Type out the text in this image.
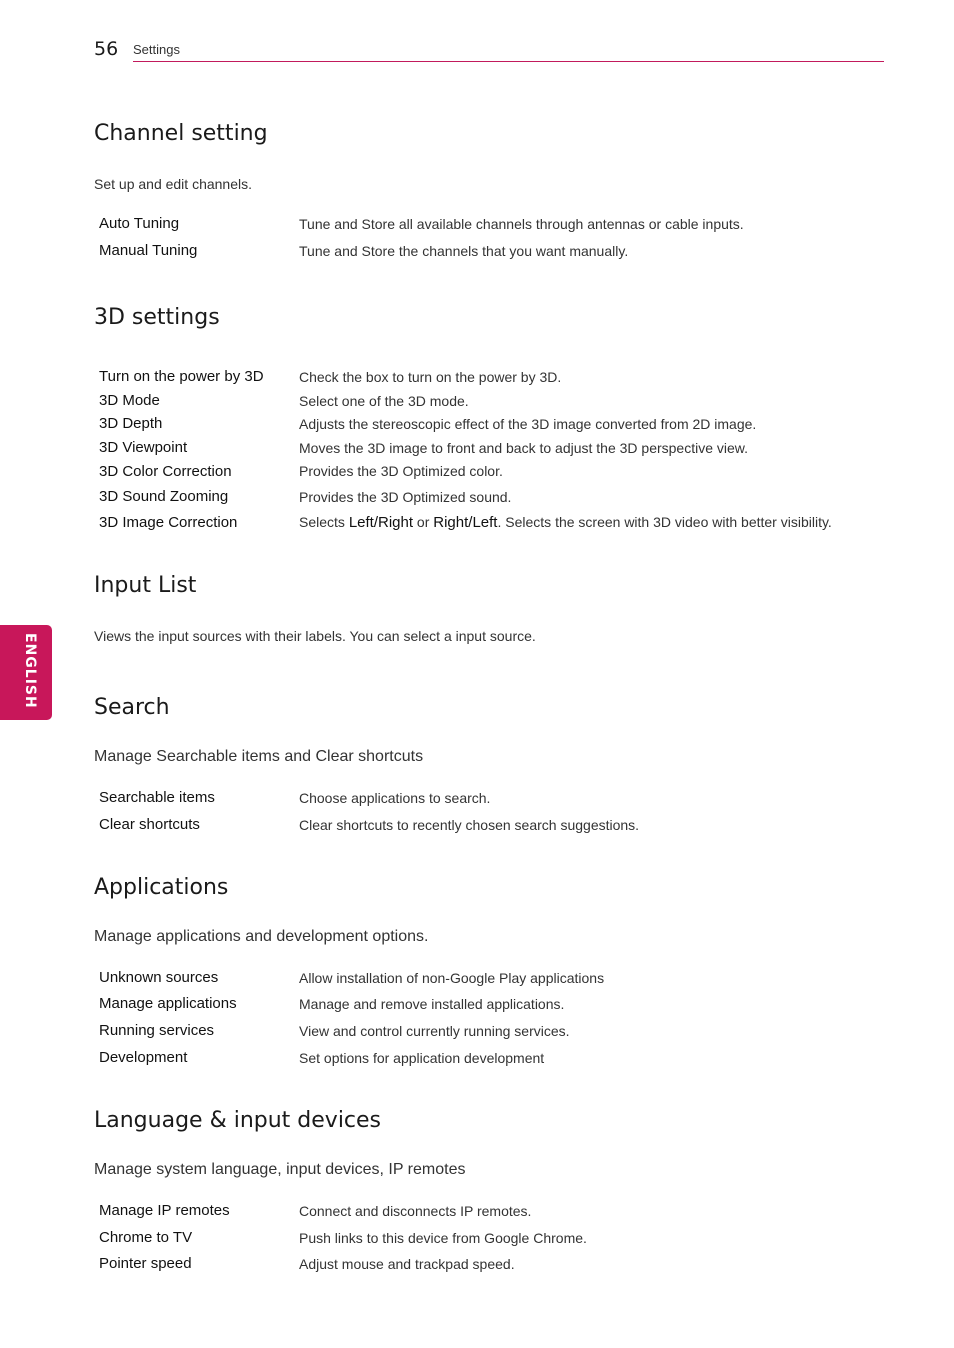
56 Settings
ENGLISH
Channel setting

Set up and edit channels.

Auto Tuning	Tune and Store all available channels through antennas or cable inputs.
Manual Tuning	Tune and Store the channels that you want manually.
3D settings
Turn on the power by 3D	Check the box to turn on the power by 3D.
3D Mode	Select one of the 3D mode.
3D Depth	Adjusts the stereoscopic effect of the 3D image converted from 2D image.
3D Viewpoint	Moves the 3D image to front and back to adjust the 3D perspective view.
3D Color Correction	Provides the 3D Optimized color.
3D Sound Zooming	Provides the 3D Optimized sound.
3D Image Correction	Selects Left/Right or Right/Left. Selects the screen with 3D video with better visibility.
Input List

Views the input sources with their labels. You can select a input source.

Search

Manage Searchable items and Clear shortcuts

Searchable items	Choose applications to search.
Clear shortcuts	Clear shortcuts to recently chosen search suggestions.
Applications

Manage applications and development options.

Unknown sources	Allow installation of non-Google Play applications
Manage applications	Manage and remove installed applications.
Running services	View and control currently running services.
Development	Set options for application development
Language & input devices

Manage system language, input devices, IP remotes

Manage IP remotes	Connect and disconnects IP remotes.
Chrome to TV	Push links to this device from Google Chrome.
Pointer speed	Adjust mouse and trackpad speed.
